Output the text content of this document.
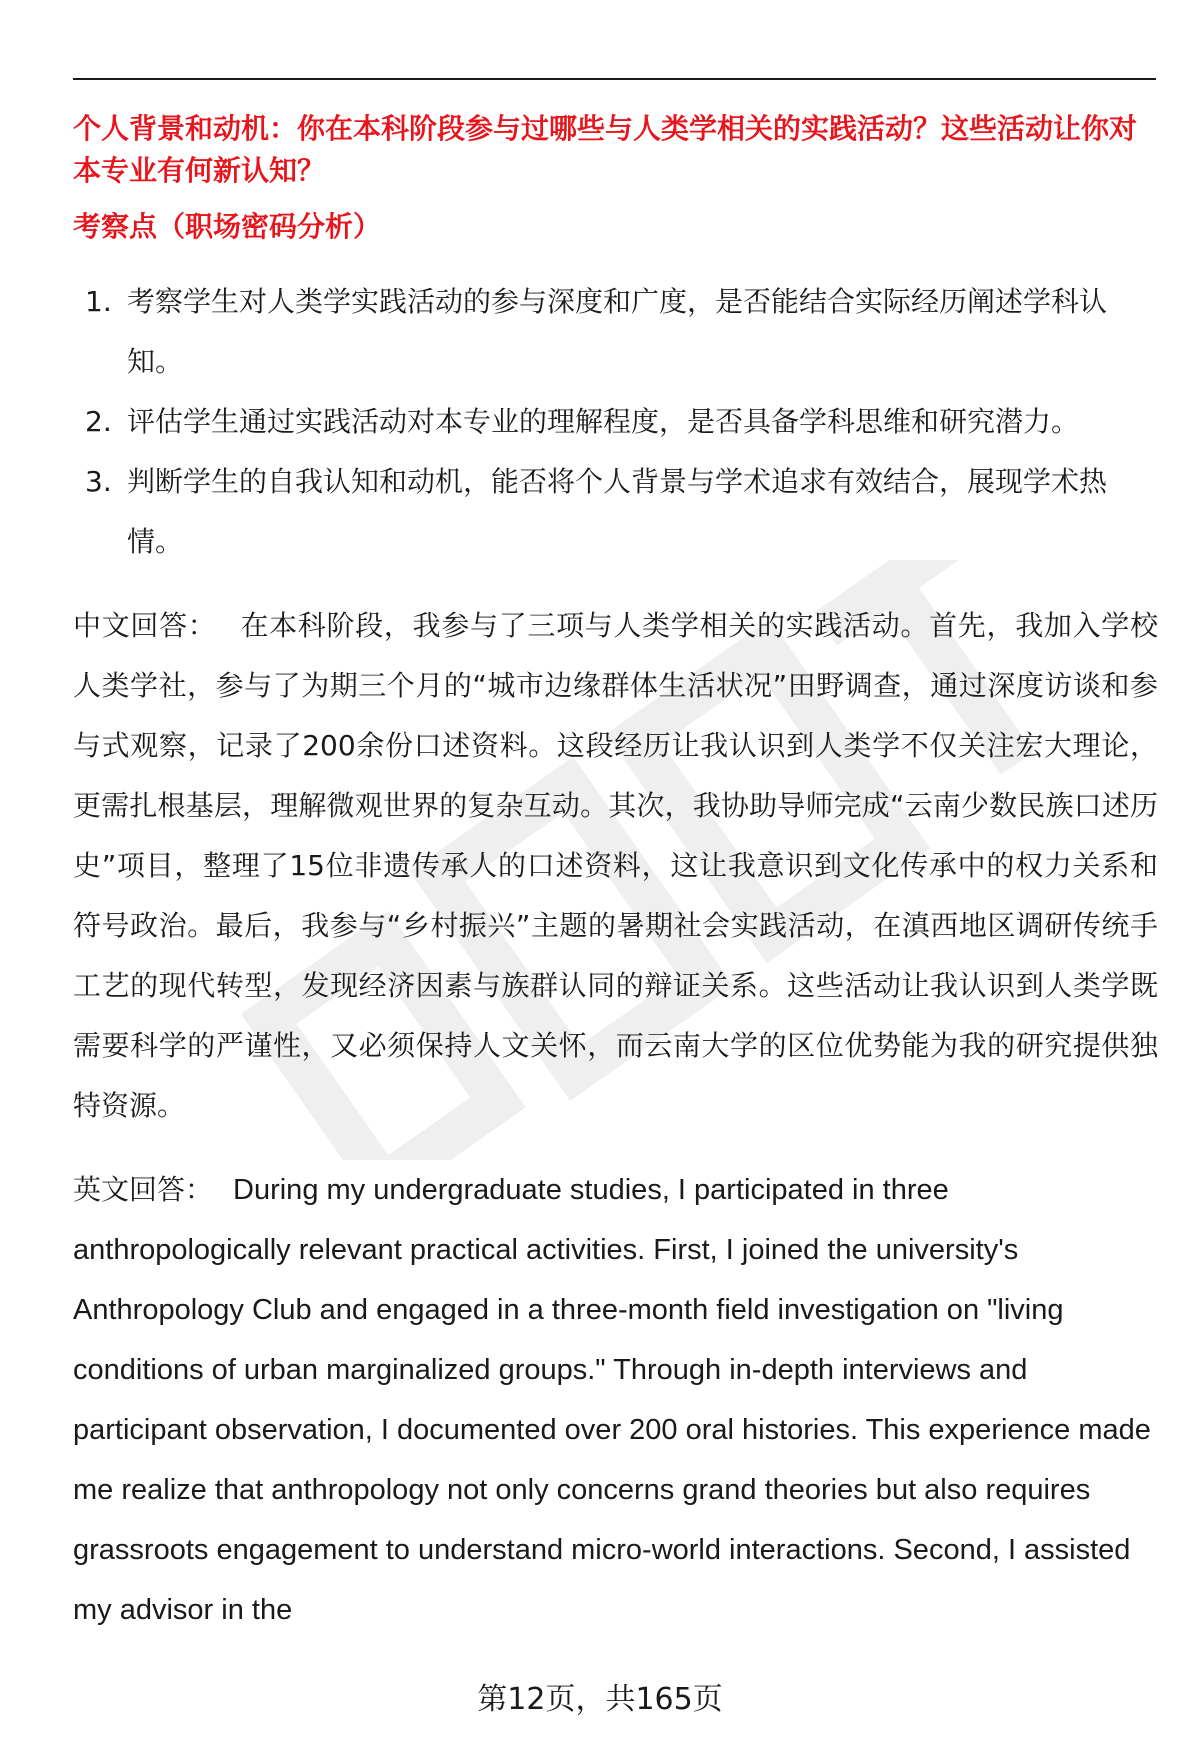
个人背景和动机：你在本科阶段参与过哪些与人类学相关的实践活动？这些活动让你对本专业有何新认知？

考察点（职场密码分析）

1. 考察学生对人类学实践活动的参与深度和广度，是否能结合实际经历阐述学科认知。
2. 评估学生通过实践活动对本专业的理解程度，是否具备学科思维和研究潜力。
3. 判断学生的自我认知和动机，能否将个人背景与学术追求有效结合，展现学术热情。

中文回答： 在本科阶段，我参与了三项与人类学相关的实践活动。首先，我加入学校人类学社，参与了为期三个月的“城市边缘群体生活状况”田野调查，通过深度访谈和参与式观察，记录了200余份口述资料。这段经历让我认识到人类学不仅关注宏大理论，更需扎根基层，理解微观世界的复杂互动。其次，我协助导师完成“云南少数民族口述历史”项目，整理了15位非遗传承人的口述资料，这让我意识到文化传承中的权力关系和符号政治。最后，我参与“乡村振兴”主题的暑期社会实践活动，在滇西地区调研传统手工艺的现代转型，发现经济因素与族群认同的辩证关系。这些活动让我认识到人类学既需要科学的严谨性，又必须保持人文关怀，而云南大学的区位优势能为我的研究提供独特资源。

英文回答： During my undergraduate studies, I participated in three anthropologically relevant practical activities. First, I joined the university's Anthropology Club and engaged in a three-month field investigation on "living conditions of urban marginalized groups." Through in-depth interviews and participant observation, I documented over 200 oral histories. This experience made me realize that anthropology not only concerns grand theories but also requires grassroots engagement to understand micro-world interactions. Second, I assisted my advisor in the

第12页，共165页
